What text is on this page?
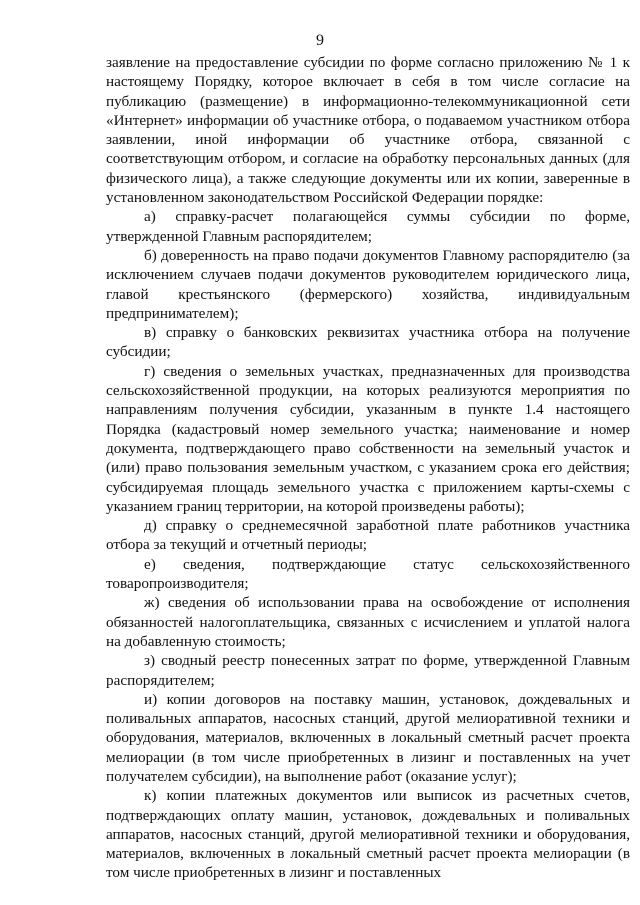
9

заявление на предоставление субсидии по форме согласно приложению № 1 к настоящему Порядку, которое включает в себя в том числе согласие на публикацию (размещение) в информационно-телекоммуникационной сети «Интернет» информации об участнике отбора, о подаваемом участником отбора заявлении, иной информации об участнике отбора, связанной с соответствующим отбором, и согласие на обработку персональных данных (для физического лица), а также следующие документы или их копии, заверенные в установленном законодательством Российской Федерации порядке:

а) справку-расчет полагающейся суммы субсидии по форме, утвержденной Главным распорядителем;

б) доверенность на право подачи документов Главному распорядителю (за исключением случаев подачи документов руководителем юридического лица, главой крестьянского (фермерского) хозяйства, индивидуальным предпринимателем);

в) справку о банковских реквизитах участника отбора на получение субсидии;

г) сведения о земельных участках, предназначенных для производства сельскохозяйственной продукции, на которых реализуются мероприятия по направлениям получения субсидии, указанным в пункте 1.4 настоящего Порядка (кадастровый номер земельного участка; наименование и номер документа, подтверждающего право собственности на земельный участок и (или) право пользования земельным участком, с указанием срока его действия; субсидируемая площадь земельного участка с приложением карты-схемы с указанием границ территории, на которой произведены работы);

д) справку о среднемесячной заработной плате работников участника отбора за текущий и отчетный периоды;

е) сведения, подтверждающие статус сельскохозяйственного товаропроизводителя;

ж) сведения об использовании права на освобождение от исполнения обязанностей налогоплательщика, связанных с исчислением и уплатой налога на добавленную стоимость;

з) сводный реестр понесенных затрат по форме, утвержденной Главным распорядителем;

и) копии договоров на поставку машин, установок, дождевальных и поливальных аппаратов, насосных станций, другой мелиоративной техники и оборудования, материалов, включенных в локальный сметный расчет проекта мелиорации (в том числе приобретенных в лизинг и поставленных на учет получателем субсидии), на выполнение работ (оказание услуг);

к) копии платежных документов или выписок из расчетных счетов, подтверждающих оплату машин, установок, дождевальных и поливальных аппаратов, насосных станций, другой мелиоративной техники и оборудования, материалов, включенных в локальный сметный расчет проекта мелиорации (в том числе приобретенных в лизинг и поставленных
